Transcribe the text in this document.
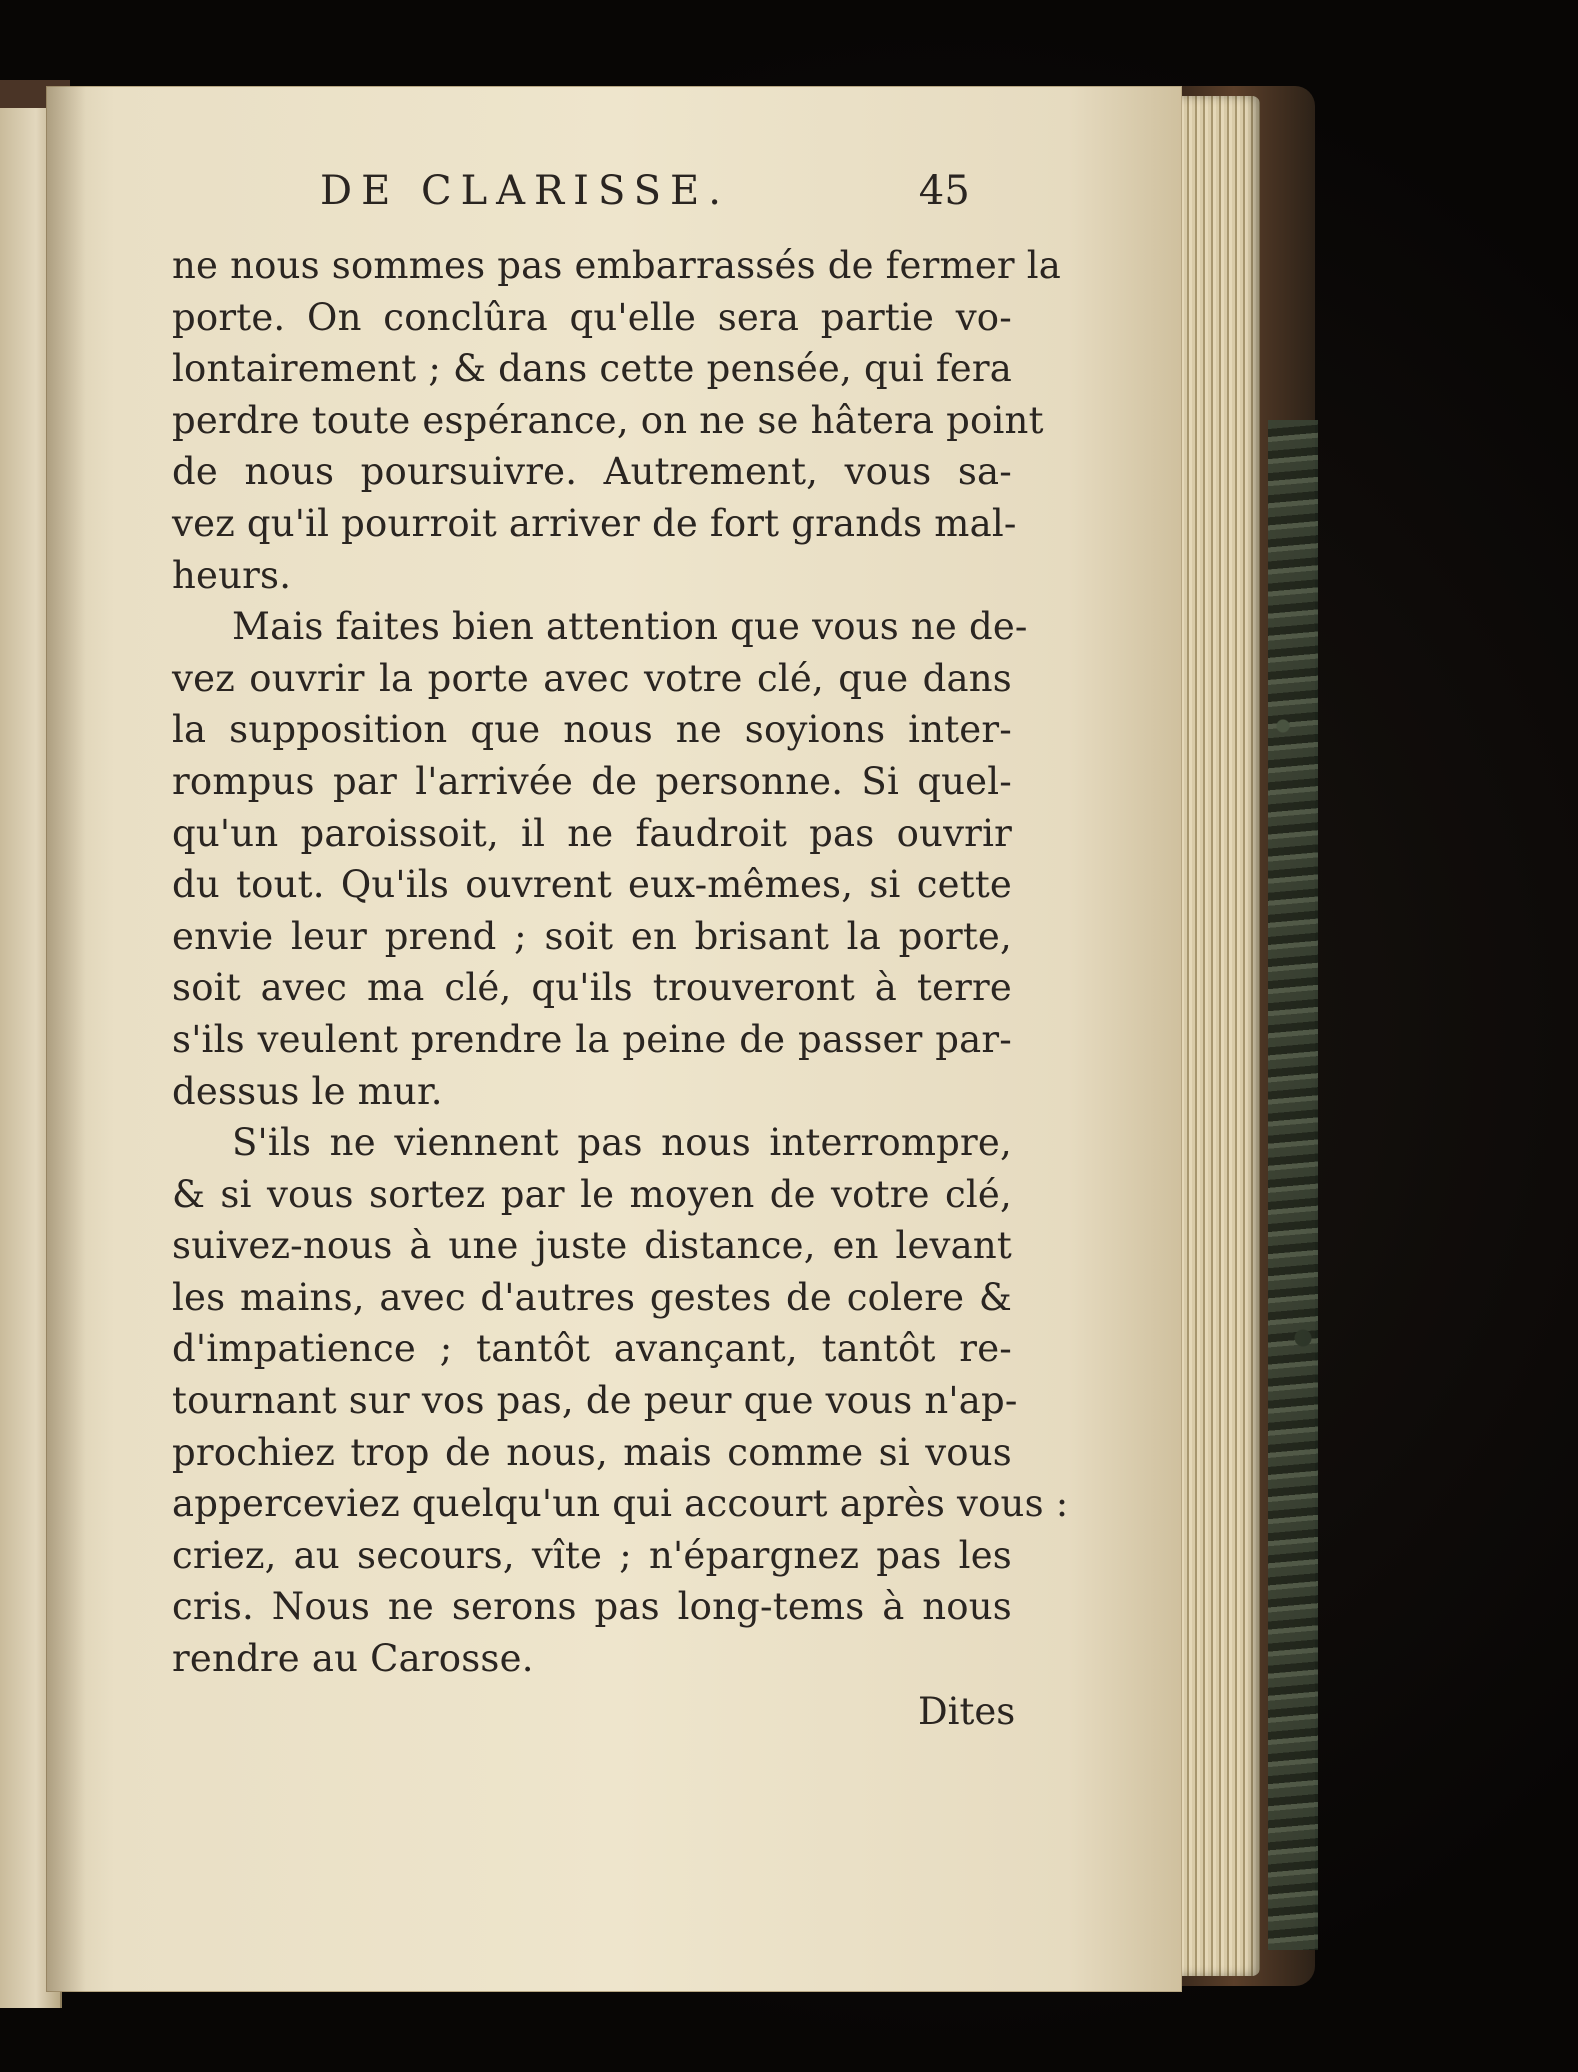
DE CLARISSE.	45
ne nous sommes pas embarrassés de fermer la
porte. On conclûra qu'elle sera partie vo-
lontairement ; & dans cette pensée, qui fera
perdre toute espérance, on ne se hâtera point
de nous poursuivre. Autrement, vous sa-
vez qu'il pourroit arriver de fort grands mal-
heurs.
Mais faites bien attention que vous ne de-
vez ouvrir la porte avec votre clé, que dans
la supposition que nous ne soyions inter-
rompus par l'arrivée de personne. Si quel-
qu'un paroissoit, il ne faudroit pas ouvrir
du tout. Qu'ils ouvrent eux-mêmes, si cette
envie leur prend ; soit en brisant la porte,
soit avec ma clé, qu'ils trouveront à terre
s'ils veulent prendre la peine de passer par-
dessus le mur.
S'ils ne viennent pas nous interrompre,
& si vous sortez par le moyen de votre clé,
suivez-nous à une juste distance, en levant
les mains, avec d'autres gestes de colere &
d'impatience ; tantôt avançant, tantôt re-
tournant sur vos pas, de peur que vous n'ap-
prochiez trop de nous, mais comme si vous
apperceviez quelqu'un qui accourt après vous :
criez, au secours, vîte ; n'épargnez pas les
cris. Nous ne serons pas long-tems à nous
rendre au Carosse.
Dites
